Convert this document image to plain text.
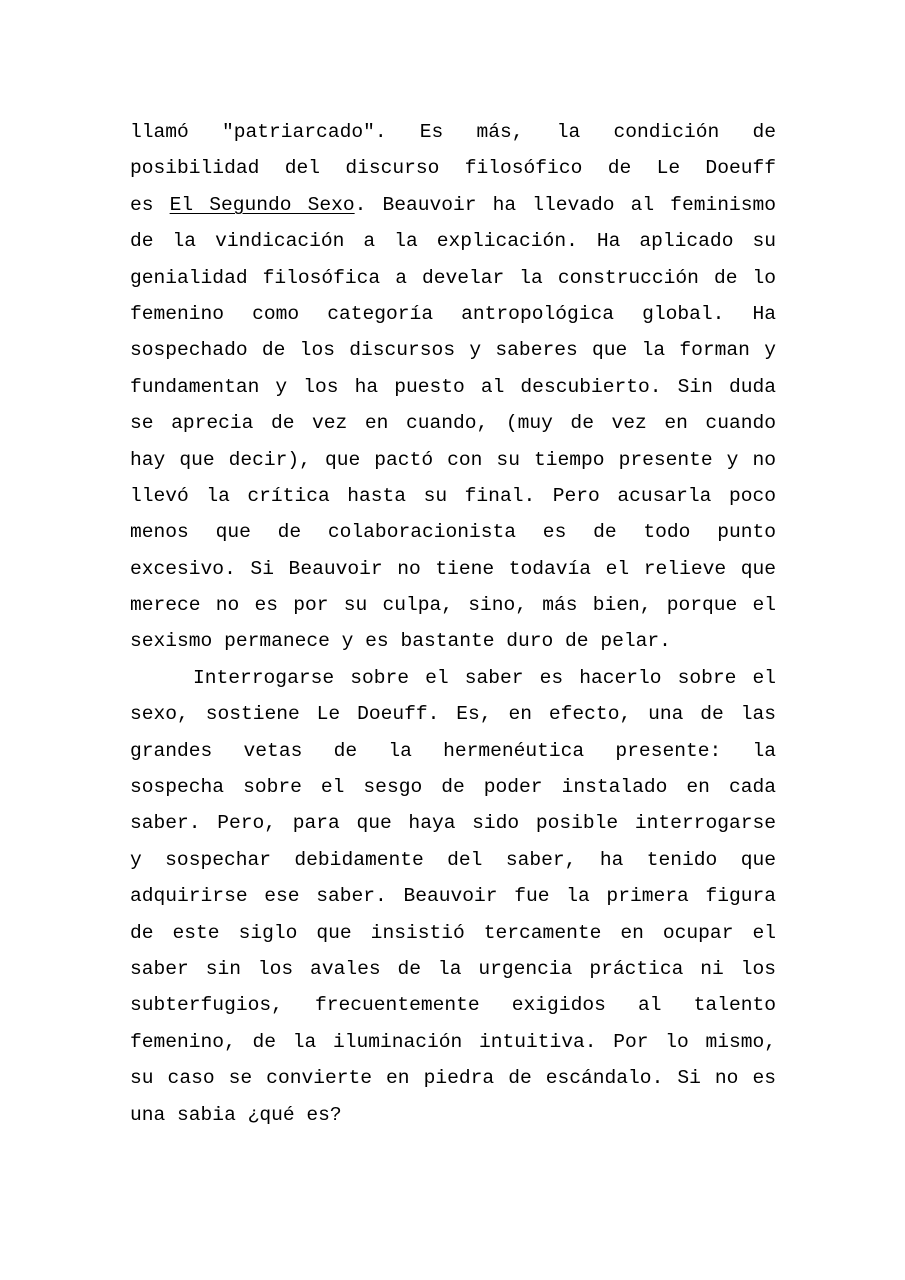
llamó "patriarcado". Es más, la condición de
posibilidad del discurso filosófico de Le Doeuff
es El Segundo Sexo. Beauvoir ha llevado al feminismo
de la vindicación a la explicación. Ha aplicado su
genialidad filosófica a develar la construcción de lo
femenino como categoría antropológica global. Ha
sospechado de los discursos y saberes que la forman y
fundamentan y los ha puesto al descubierto. Sin duda
se aprecia de vez en cuando, (muy de vez en cuando
hay que decir), que pactó con su tiempo presente y no
llevó la crítica hasta su final. Pero acusarla poco
menos que de colaboracionista es de todo punto
excesivo. Si Beauvoir no tiene todavía el relieve que
merece no es por su culpa, sino, más bien, porque el
sexismo permanece y es bastante duro de pelar.
Interrogarse sobre el saber es hacerlo sobre el
sexo, sostiene Le Doeuff. Es, en efecto, una de las
grandes vetas de la hermenéutica presente: la
sospecha sobre el sesgo de poder instalado en cada
saber. Pero, para que haya sido posible interrogarse
y sospechar debidamente del saber, ha tenido que
adquirirse ese saber. Beauvoir fue la primera figura
de este siglo que insistió tercamente en ocupar el
saber sin los avales de la urgencia práctica ni los
subterfugios, frecuentemente exigidos al talento
femenino, de la iluminación intuitiva. Por lo mismo,
su caso se convierte en piedra de escándalo. Si no es
una sabia ¿qué es?
